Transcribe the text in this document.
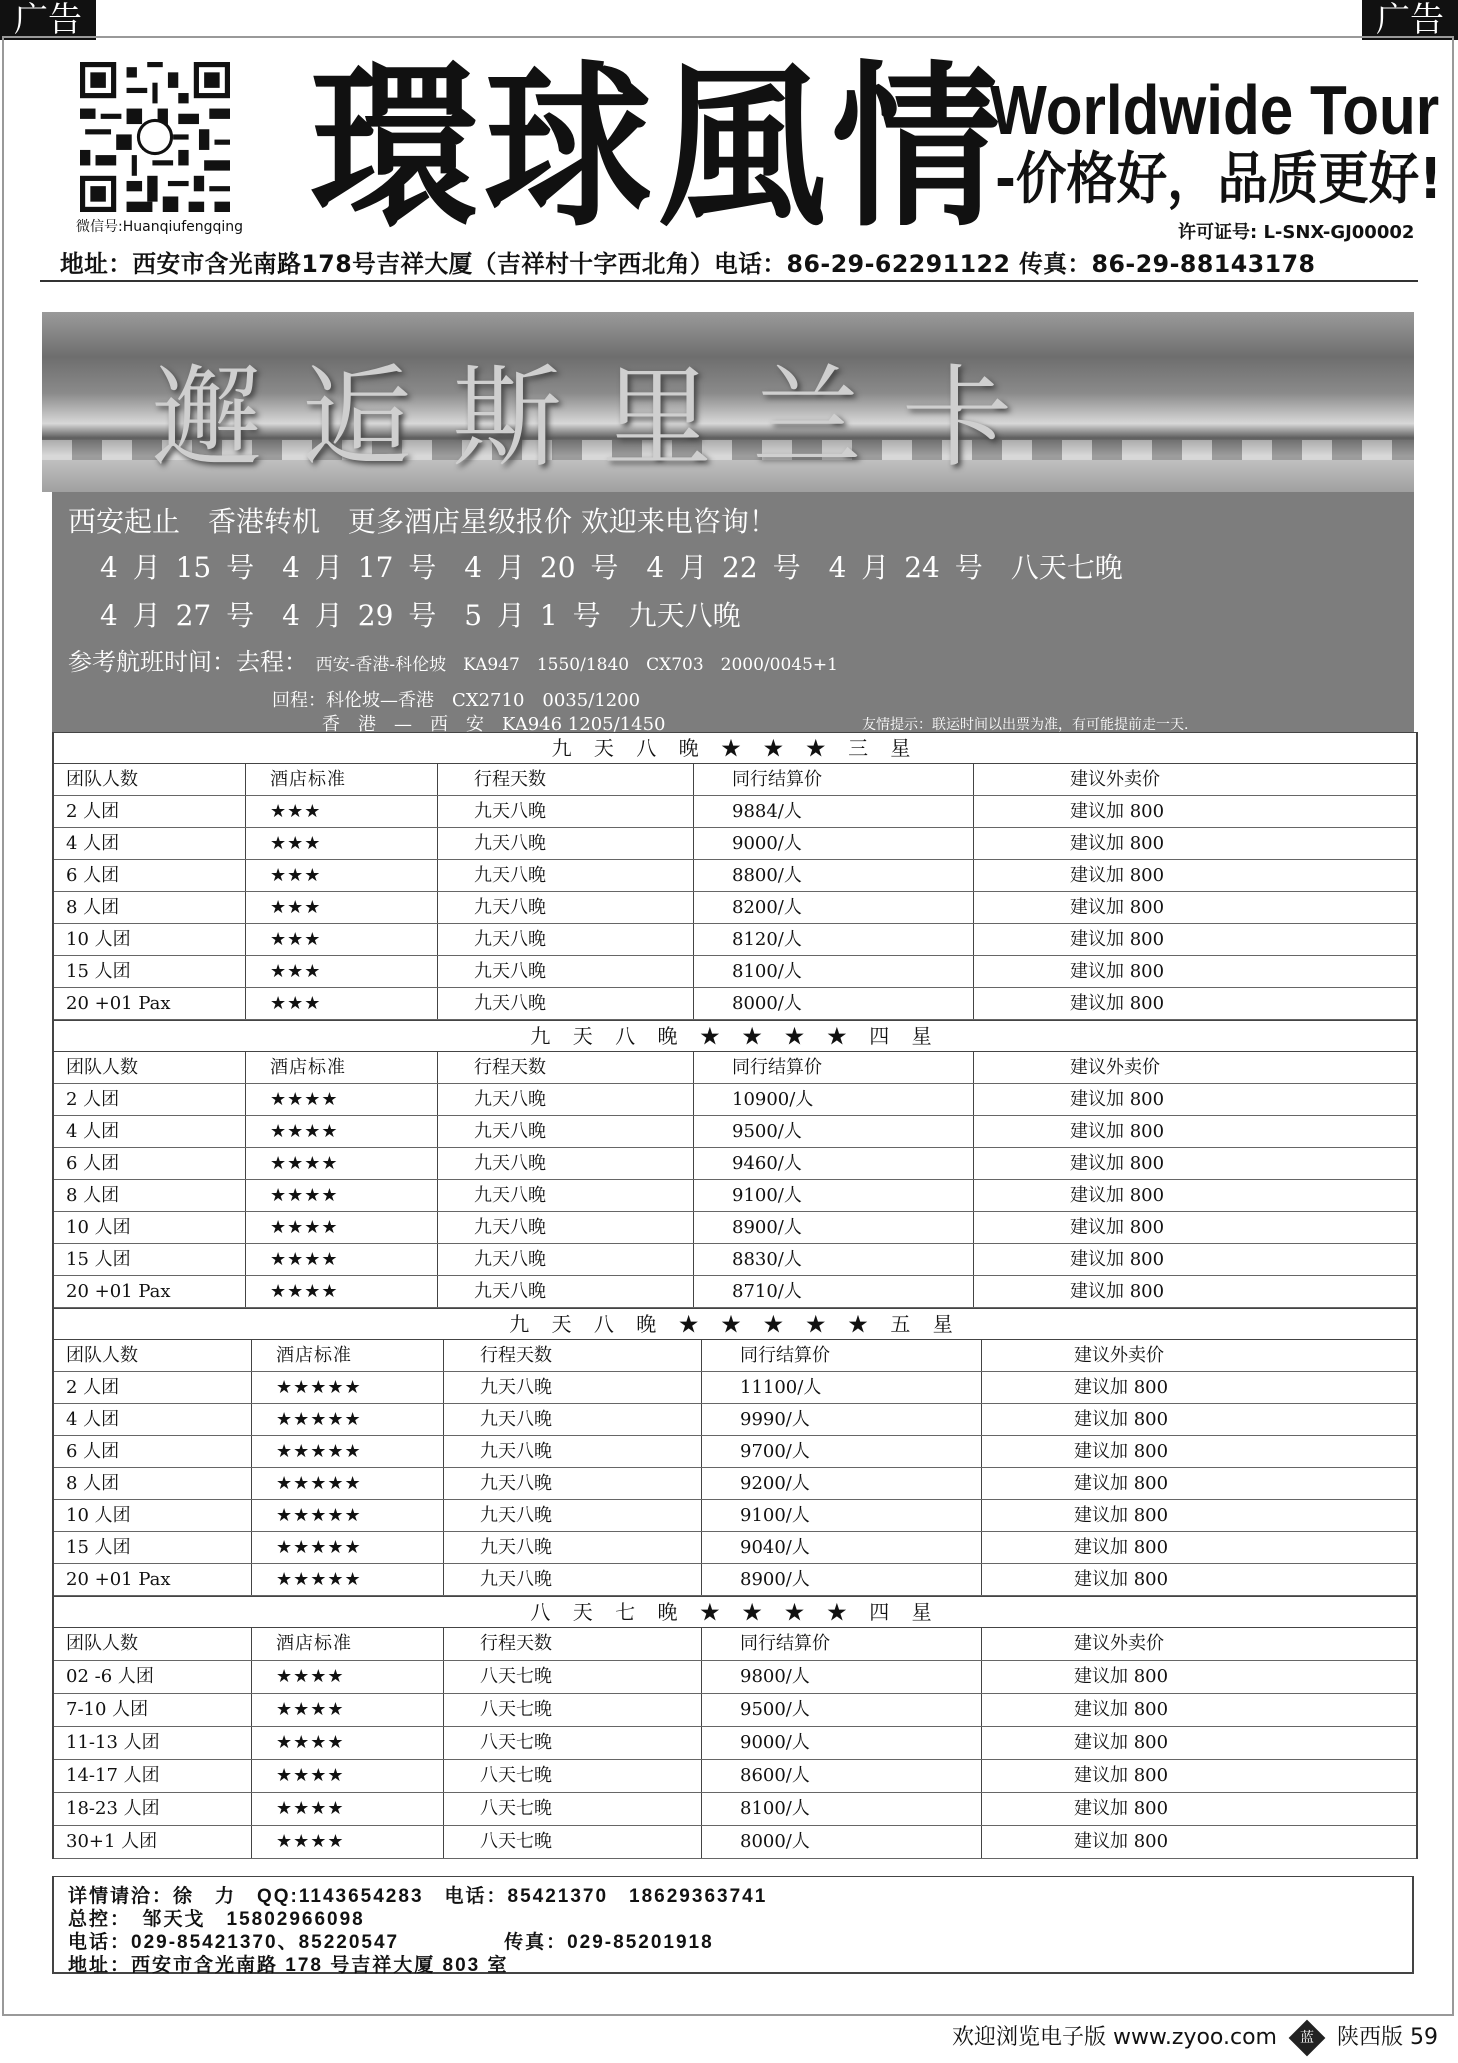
广告	广告
微信号:Huanqiufengqing 環球風情
Worldwide Tour
-价格好，品质更好!
许可证号: L-SNX-GJ00002
地址：西安市含光南路178号吉祥大厦（吉祥村十字西北角）电话：86-29-62291122 传真：86-29-88143178
邂逅斯里兰卡
西安起止　香港转机　更多酒店星级报价 欢迎来电咨询！
4 月 15 号　4 月 17 号　4 月 20 号　4 月 22 号　4 月 24 号　八天七晚
4 月 27 号　4 月 29 号　5 月 1 号　九天八晚
参考航班时间：去程： 西安-香港-科伦坡　KA947　1550/1840　CX703　2000/0045+1
回程：科伦坡—香港　CX2710　0035/1200
香　港　—　西　安　KA946 1205/1450	友情提示：联运时间以出票为准，有可能提前走一天.
九 天 八 晚 ★ ★ ★ 三 星
团队人数	酒店标准	行程天数	同行结算价	建议外卖价
2 人团	★★★	九天八晚	9884/人	建议加 800
4 人团	★★★	九天八晚	9000/人	建议加 800
6 人团	★★★	九天八晚	8800/人	建议加 800
8 人团	★★★	九天八晚	8200/人	建议加 800
10 人团	★★★	九天八晚	8120/人	建议加 800
15 人团	★★★	九天八晚	8100/人	建议加 800
20 +01 Pax	★★★	九天八晚	8000/人	建议加 800
九 天 八 晚 ★ ★ ★ ★ 四 星
团队人数	酒店标准	行程天数	同行结算价	建议外卖价
2 人团	★★★★	九天八晚	10900/人	建议加 800
4 人团	★★★★	九天八晚	9500/人	建议加 800
6 人团	★★★★	九天八晚	9460/人	建议加 800
8 人团	★★★★	九天八晚	9100/人	建议加 800
10 人团	★★★★	九天八晚	8900/人	建议加 800
15 人团	★★★★	九天八晚	8830/人	建议加 800
20 +01 Pax	★★★★	九天八晚	8710/人	建议加 800
九 天 八 晚 ★ ★ ★ ★ ★ 五 星
团队人数	酒店标准	行程天数	同行结算价	建议外卖价
2 人团	★★★★★	九天八晚	11100/人	建议加 800
4 人团	★★★★★	九天八晚	9990/人	建议加 800
6 人团	★★★★★	九天八晚	9700/人	建议加 800
8 人团	★★★★★	九天八晚	9200/人	建议加 800
10 人团	★★★★★	九天八晚	9100/人	建议加 800
15 人团	★★★★★	九天八晚	9040/人	建议加 800
20 +01 Pax	★★★★★	九天八晚	8900/人	建议加 800
八 天 七 晚 ★ ★ ★ ★ 四 星
团队人数	酒店标准	行程天数	同行结算价	建议外卖价
02 -6 人团	★★★★	八天七晚	9800/人	建议加 800
7-10 人团	★★★★	八天七晚	9500/人	建议加 800
11-13 人团	★★★★	八天七晚	9000/人	建议加 800
14-17 人团	★★★★	八天七晚	8600/人	建议加 800
18-23 人团	★★★★	八天七晚	8100/人	建议加 800
30+1 人团	★★★★	八天七晚	8000/人	建议加 800
详情请洽：徐　力　QQ:1143654283　电话：85421370　18629363741
总控：　邹天戈　15802966098
电话：029-85421370、85220547　　　　　传真：029-85201918
地址：西安市含光南路 178 号吉祥大厦 803 室
欢迎浏览电子版 www.zyoo.com 蓝 陕西版 59
